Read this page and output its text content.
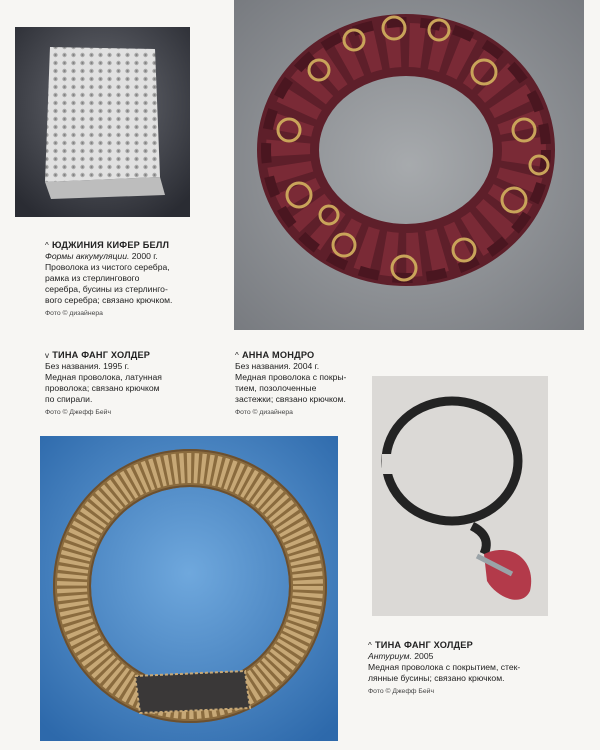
^ ЮДЖИНИЯ КИФЕР БЕЛЛ
Формы аккумуляции. 2000 г.
Проволока из чистого серебра,
рамка из стерлингового
серебра, бусины из стерлинго-
вого серебра; связано крючком.
Фото © дизайнера
v ТИНА ФАНГ ХОЛДЕР
Без названия. 1995 г.
Медная проволока, латунная
проволока; связано крючком
по спирали.
Фото © Джефф Бейч
^ АННА МОНДРО
Без названия. 2004 г.
Медная проволока с покры-
тием, позолоченные
застежки; связано крючком.
Фото © дизайнера
^ ТИНА ФАНГ ХОЛДЕР
Антуриум. 2005
Медная проволока с покрытием, стек-
лянные бусины; связано крючком.
Фото © Джефф Бейч
